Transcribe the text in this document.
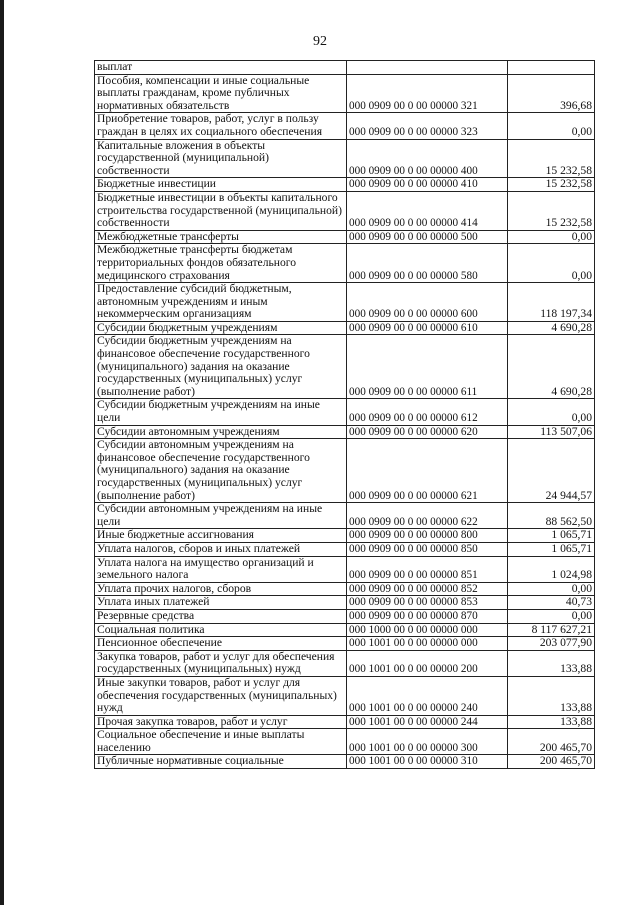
92
выплат		
Пособия, компенсации и иные социальные выплаты гражданам, кроме публичных нормативных обязательств	000 0909 00 0 00 00000 321	396,68
Приобретение товаров, работ, услуг в пользу граждан в целях их социального обеспечения	000 0909 00 0 00 00000 323	0,00
Капитальные вложения в объекты государственной (муниципальной) собственности	000 0909 00 0 00 00000 400	15 232,58
Бюджетные инвестиции	000 0909 00 0 00 00000 410	15 232,58
Бюджетные инвестиции в объекты капитального строительства государственной (муниципальной) собственности	000 0909 00 0 00 00000 414	15 232,58
Межбюджетные трансферты	000 0909 00 0 00 00000 500	0,00
Межбюджетные трансферты бюджетам территориальных фондов обязательного медицинского страхования	000 0909 00 0 00 00000 580	0,00
Предоставление субсидий бюджетным, автономным учреждениям и иным некоммерческим организациям	000 0909 00 0 00 00000 600	118 197,34
Субсидии бюджетным учреждениям	000 0909 00 0 00 00000 610	4 690,28
Субсидии бюджетным учреждениям на финансовое обеспечение государственного (муниципального) задания на оказание государственных (муниципальных) услуг (выполнение работ)	000 0909 00 0 00 00000 611	4 690,28
Субсидии бюджетным учреждениям на иные цели	000 0909 00 0 00 00000 612	0,00
Субсидии автономным учреждениям	000 0909 00 0 00 00000 620	113 507,06
Субсидии автономным учреждениям на финансовое обеспечение государственного (муниципального) задания на оказание государственных (муниципальных) услуг (выполнение работ)	000 0909 00 0 00 00000 621	24 944,57
Субсидии автономным учреждениям на иные цели	000 0909 00 0 00 00000 622	88 562,50
Иные бюджетные ассигнования	000 0909 00 0 00 00000 800	1 065,71
Уплата налогов, сборов и иных платежей	000 0909 00 0 00 00000 850	1 065,71
Уплата налога на имущество организаций и земельного налога	000 0909 00 0 00 00000 851	1 024,98
Уплата прочих налогов, сборов	000 0909 00 0 00 00000 852	0,00
Уплата иных платежей	000 0909 00 0 00 00000 853	40,73
Резервные средства	000 0909 00 0 00 00000 870	0,00
Социальная политика	000 1000 00 0 00 00000 000	8 117 627,21
Пенсионное обеспечение	000 1001 00 0 00 00000 000	203 077,90
Закупка товаров, работ и услуг для обеспечения государственных (муниципальных) нужд	000 1001 00 0 00 00000 200	133,88
Иные закупки товаров, работ и услуг для обеспечения государственных (муниципальных) нужд	000 1001 00 0 00 00000 240	133,88
Прочая закупка товаров, работ и услуг	000 1001 00 0 00 00000 244	133,88
Социальное обеспечение и иные выплаты населению	000 1001 00 0 00 00000 300	200 465,70
Публичные нормативные социальные	000 1001 00 0 00 00000 310	200 465,70
